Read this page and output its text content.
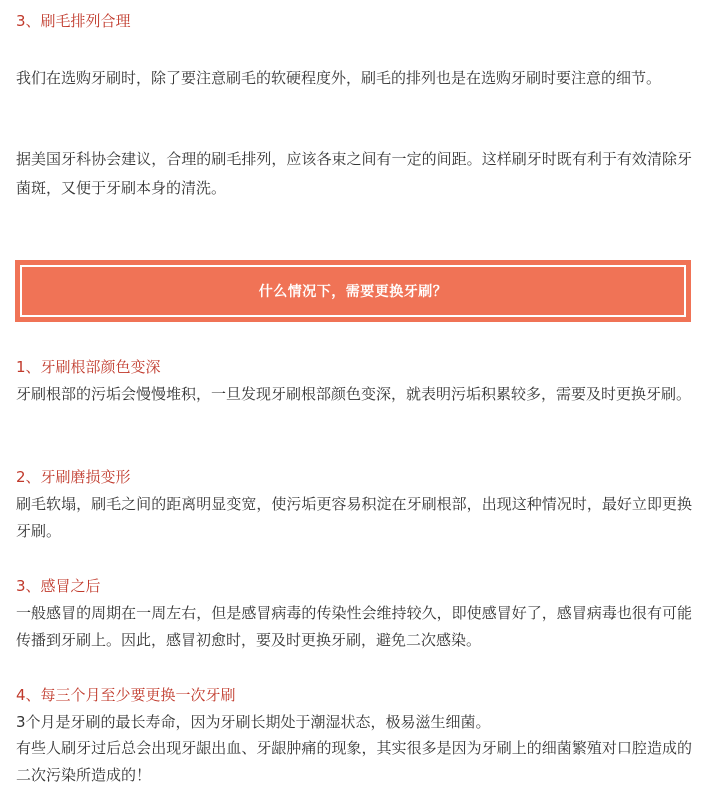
3、刷毛排列合理
我们在选购牙刷时，除了要注意刷毛的软硬程度外，刷毛的排列也是在选购牙刷时要注意的细节。
据美国牙科协会建议，合理的刷毛排列，应该各束之间有一定的间距。这样刷牙时既有利于有效清除牙菌斑，又便于牙刷本身的清洗。
什么情况下，需要更换牙刷？
1、牙刷根部颜色变深
牙刷根部的污垢会慢慢堆积，一旦发现牙刷根部颜色变深，就表明污垢积累较多，需要及时更换牙刷。
2、牙刷磨损变形
刷毛软塌，刷毛之间的距离明显变宽，使污垢更容易积淀在牙刷根部，出现这种情况时，最好立即更换牙刷。
3、感冒之后
一般感冒的周期在一周左右，但是感冒病毒的传染性会维持较久，即使感冒好了，感冒病毒也很有可能传播到牙刷上。因此，感冒初愈时，要及时更换牙刷，避免二次感染。
4、每三个月至少要更换一次牙刷
3个月是牙刷的最长寿命，因为牙刷长期处于潮湿状态，极易滋生细菌。
有些人刷牙过后总会出现牙龈出血、牙龈肿痛的现象，其实很多是因为牙刷上的细菌繁殖对口腔造成的二次污染所造成的！
